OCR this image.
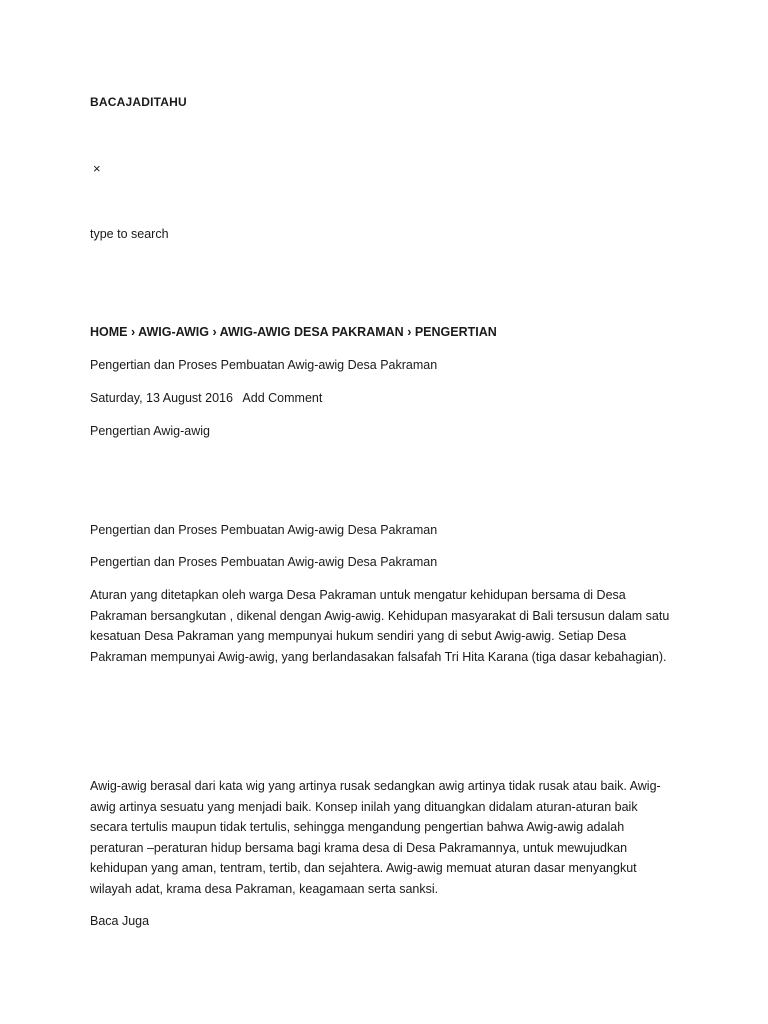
BACAJADITAHU
×
type to search
HOME › AWIG-AWIG › AWIG-AWIG DESA PAKRAMAN › PENGERTIAN
Pengertian dan Proses Pembuatan Awig-awig Desa Pakraman
Saturday, 13 August 2016 Add Comment
Pengertian Awig-awig
Pengertian dan Proses Pembuatan Awig-awig Desa Pakraman
Pengertian dan Proses Pembuatan Awig-awig Desa Pakraman
Aturan yang ditetapkan oleh warga Desa Pakraman untuk mengatur kehidupan bersama di Desa
Pakraman bersangkutan , dikenal dengan Awig-awig. Kehidupan masyarakat di Bali tersusun dalam satu
kesatuan Desa Pakraman yang mempunyai hukum sendiri yang di sebut Awig-awig. Setiap Desa
Pakraman mempunyai Awig-awig, yang berlandasakan falsafah Tri Hita Karana (tiga dasar kebahagian).
Awig-awig berasal dari kata wig yang artinya rusak sedangkan awig artinya tidak rusak atau baik. Awig-
awig artinya sesuatu yang menjadi baik. Konsep inilah yang dituangkan didalam aturan-aturan baik
secara tertulis maupun tidak tertulis, sehingga mengandung pengertian bahwa Awig-awig adalah
peraturan –peraturan hidup bersama bagi krama desa di Desa Pakramannya, untuk mewujudkan
kehidupan yang aman, tentram, tertib, dan sejahtera. Awig-awig memuat aturan dasar menyangkut
wilayah adat, krama desa Pakraman, keagamaan serta sanksi.
Baca Juga
